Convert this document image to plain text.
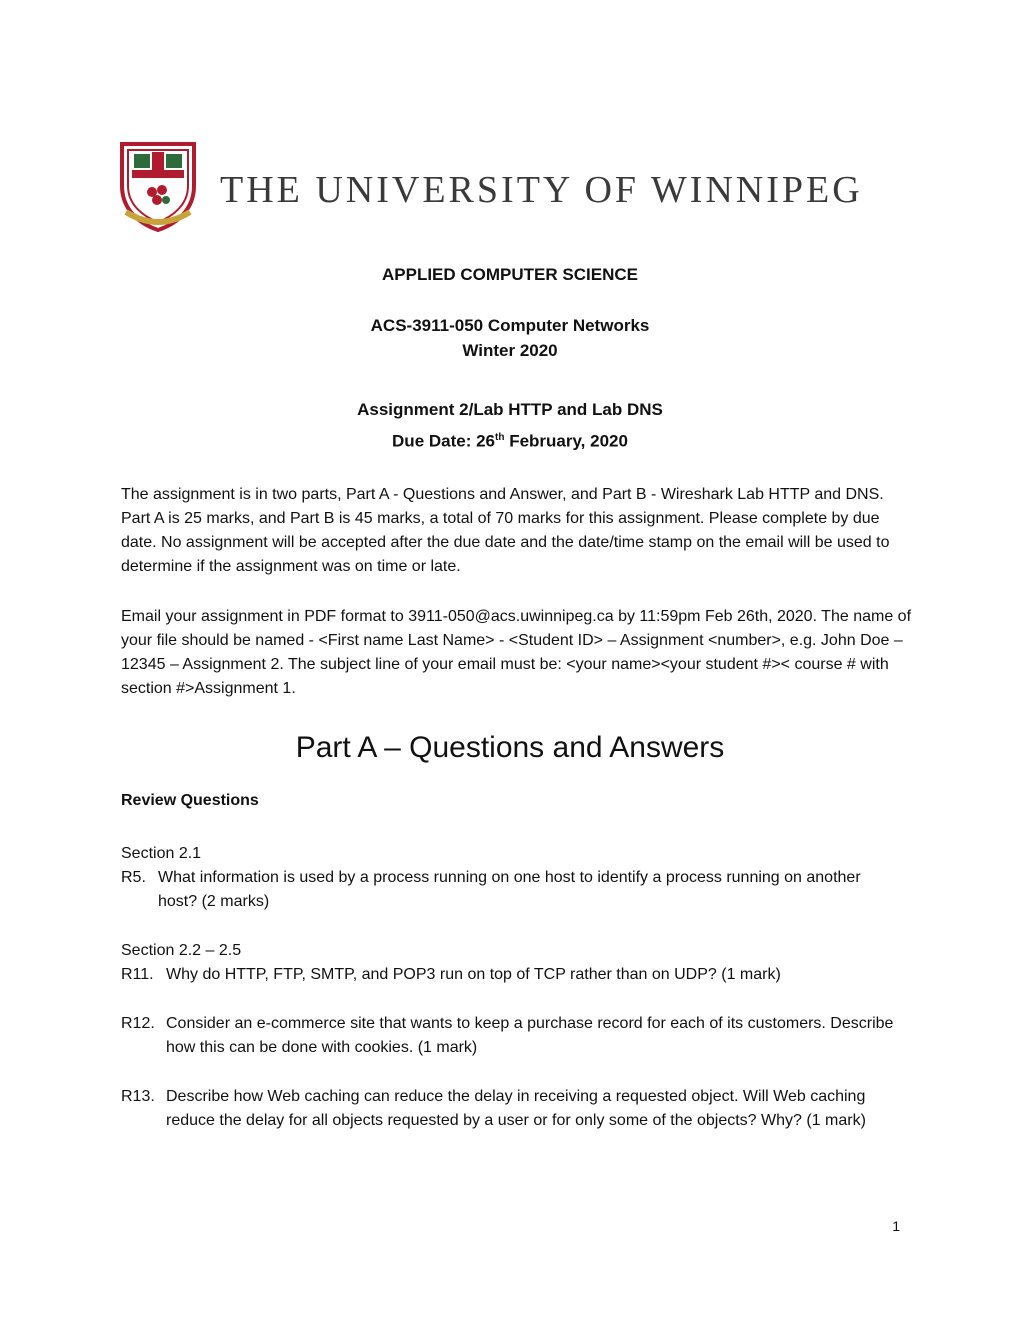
THE UNIVERSITY OF WINNIPEG
APPLIED COMPUTER SCIENCE
ACS-3911-050 Computer Networks
Winter 2020
Assignment 2/Lab HTTP and Lab DNS
Due Date: 26th February, 2020
The assignment is in two parts, Part A - Questions and Answer, and Part B - Wireshark Lab HTTP and DNS. Part A is 25 marks, and Part B is 45 marks, a total of 70 marks for this assignment. Please complete by due date. No assignment will be accepted after the due date and the date/time stamp on the email will be used to determine if the assignment was on time or late.
Email your assignment in PDF format to 3911-050@acs.uwinnipeg.ca by 11:59pm Feb 26th, 2020. The name of your file should be named - <First name Last Name> - <Student ID> – Assignment <number>, e.g. John Doe – 12345 – Assignment 2. The subject line of your email must be: <your name><your student #>< course # with section #>Assignment 1.
Part A – Questions and Answers
Review Questions
Section 2.1
R5. What information is used by a process running on one host to identify a process running on another host? (2 marks)
Section 2.2 – 2.5
R11. Why do HTTP, FTP, SMTP, and POP3 run on top of TCP rather than on UDP? (1 mark)
R12. Consider an e-commerce site that wants to keep a purchase record for each of its customers. Describe how this can be done with cookies. (1 mark)
R13. Describe how Web caching can reduce the delay in receiving a requested object. Will Web caching reduce the delay for all objects requested by a user or for only some of the objects? Why? (1 mark)
1
